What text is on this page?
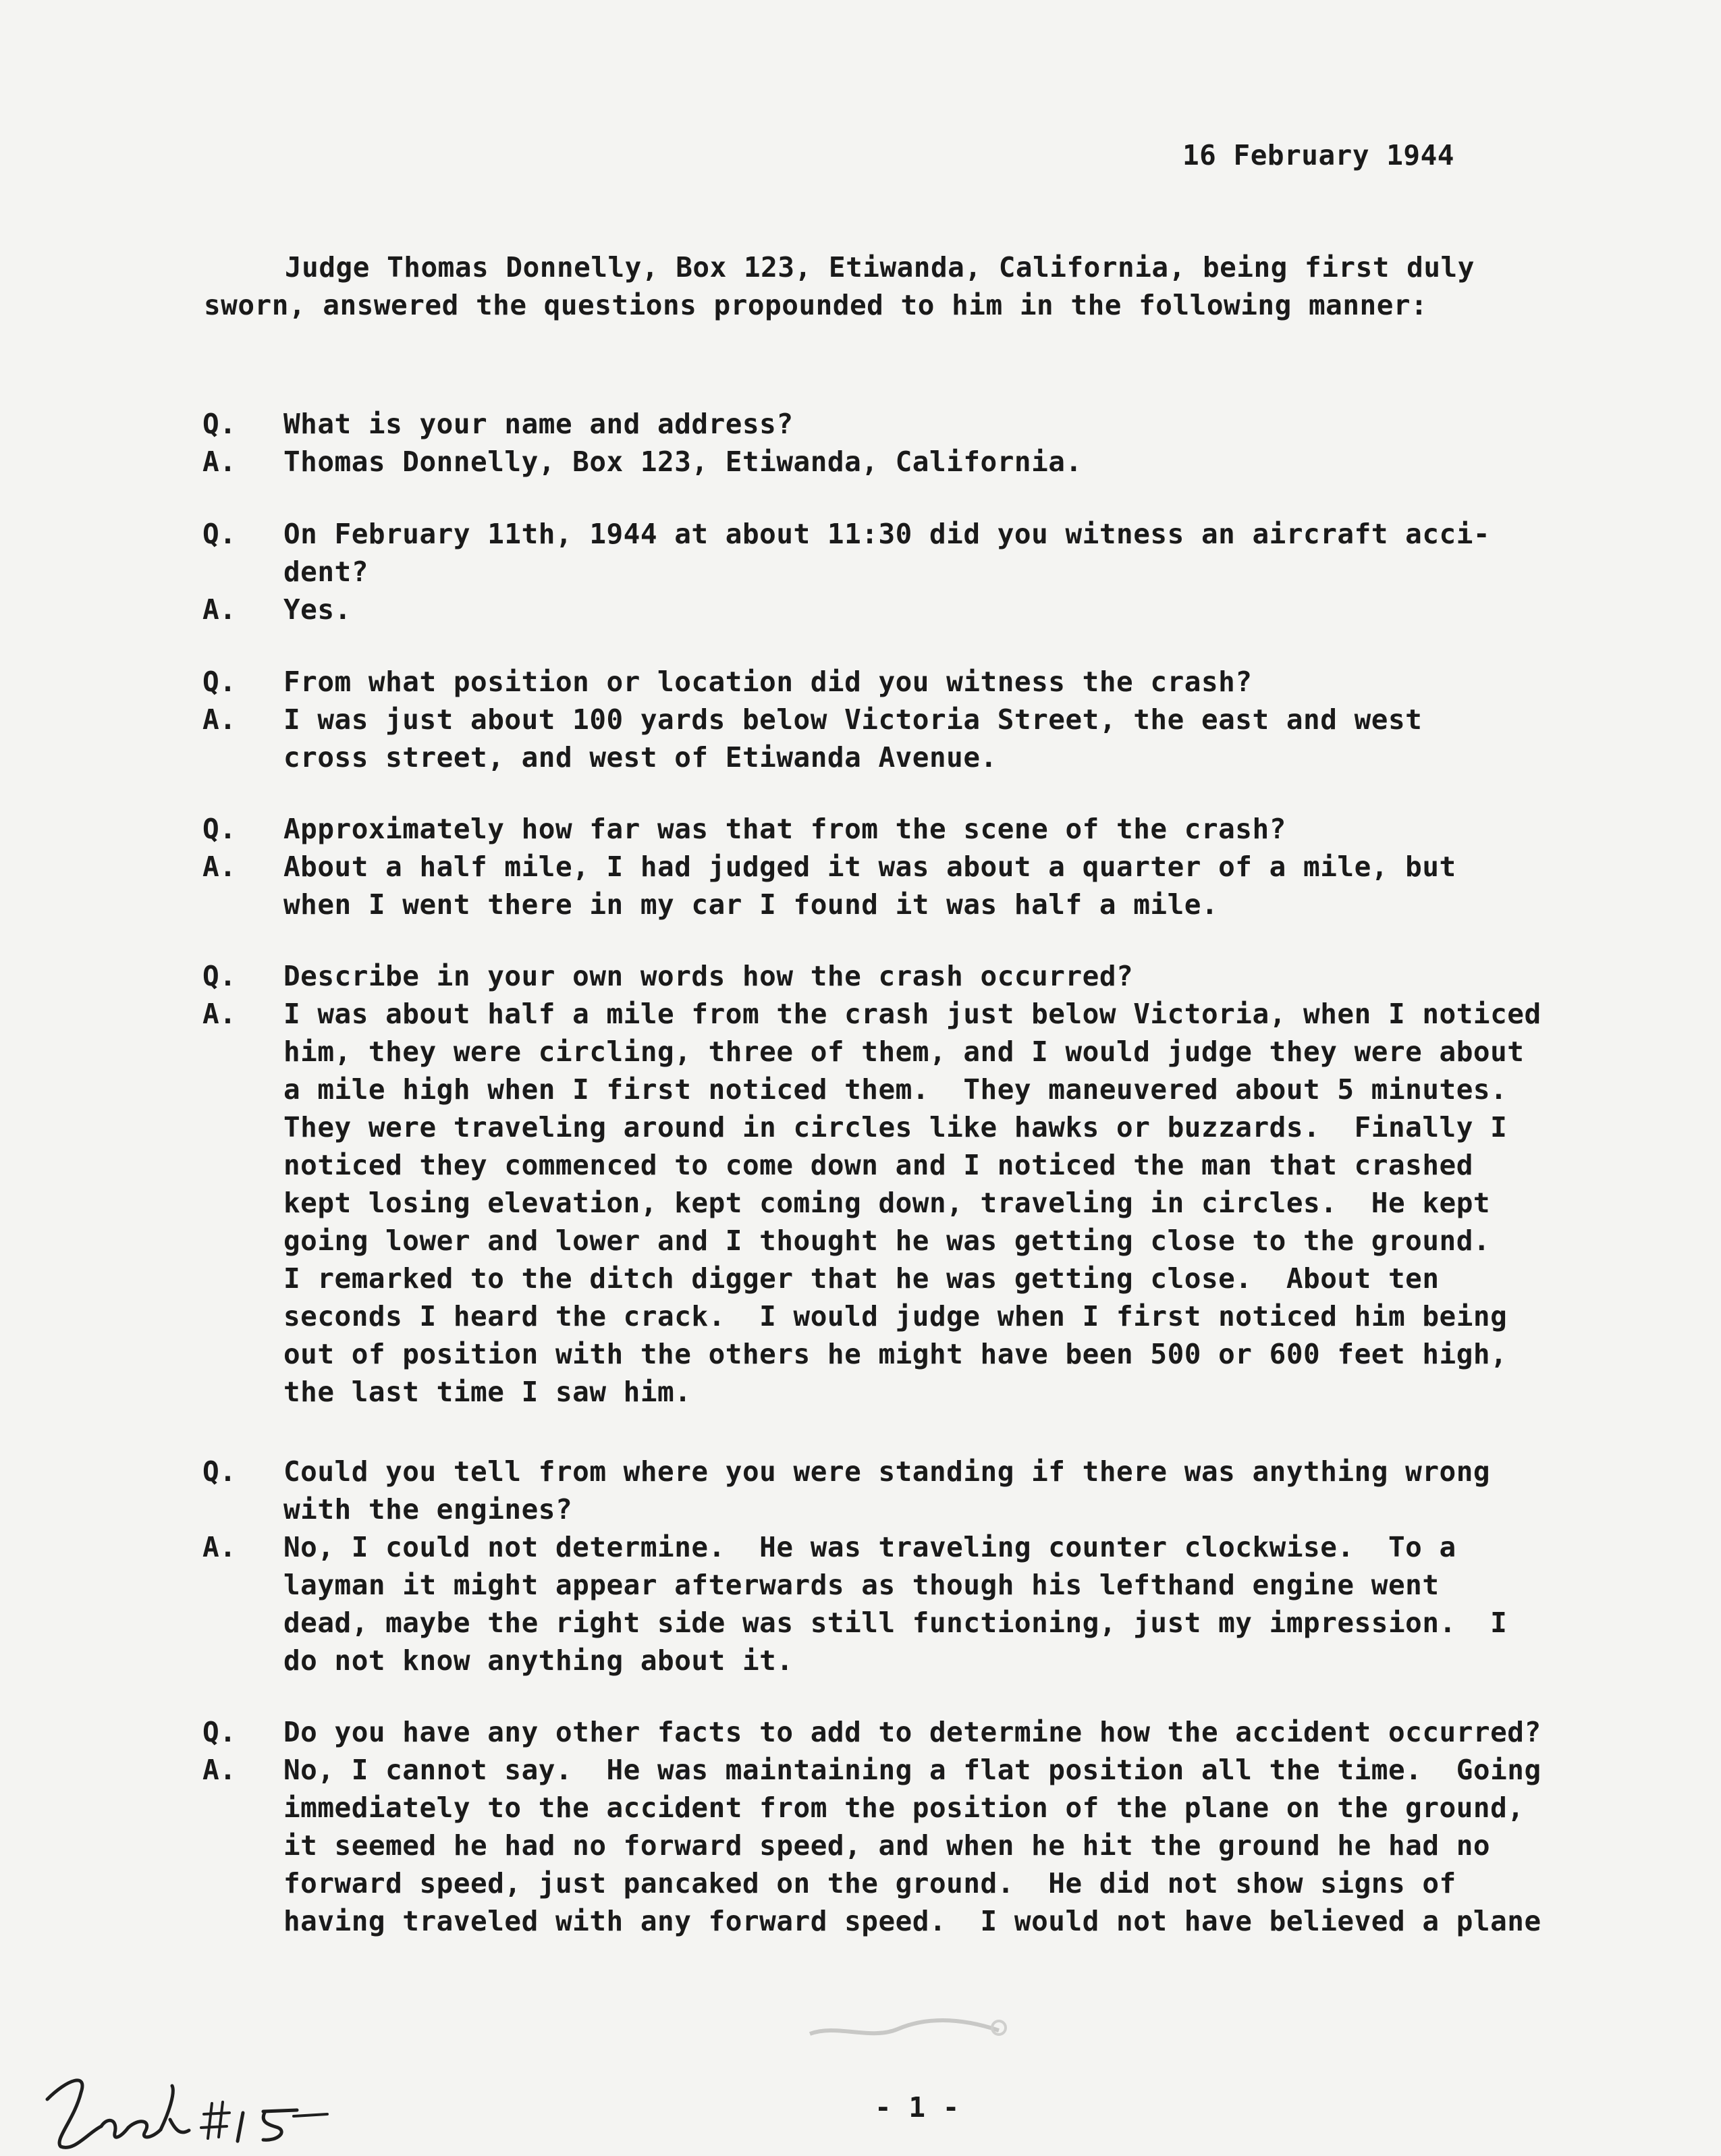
16 February 1944

Judge Thomas Donnelly, Box 123, Etiwanda, California, being first duly sworn, answered the questions propounded to him in the following manner:

Q. What is your name and address?
A. Thomas Donnelly, Box 123, Etiwanda, California.
Q. On February 11th, 1944 at about 11:30 did you witness an aircraft acci-
dent?
A. Yes.
Q. From what position or location did you witness the crash?
A. I was just about 100 yards below Victoria Street, the east and west
cross street, and west of Etiwanda Avenue.
Q. Approximately how far was that from the scene of the crash?
A. About a half mile, I had judged it was about a quarter of a mile, but
when I went there in my car I found it was half a mile.
Q. Describe in your own words how the crash occurred?
A. I was about half a mile from the crash just below Victoria, when I noticed
him, they were circling, three of them, and I would judge they were about
a mile high when I first noticed them.  They maneuvered about 5 minutes.
They were traveling around in circles like hawks or buzzards.  Finally I
noticed they commenced to come down and I noticed the man that crashed
kept losing elevation, kept coming down, traveling in circles.  He kept
going lower and lower and I thought he was getting close to the ground.
I remarked to the ditch digger that he was getting close.  About ten
seconds I heard the crack.  I would judge when I first noticed him being
out of position with the others he might have been 500 or 600 feet high,
the last time I saw him.
Q. Could you tell from where you were standing if there was anything wrong
with the engines?
A. No, I could not determine.  He was traveling counter clockwise.  To a
layman it might appear afterwards as though his lefthand engine went
dead, maybe the right side was still functioning, just my impression.  I
do not know anything about it.
Q. Do you have any other facts to add to determine how the accident occurred?
A. No, I cannot say.  He was maintaining a flat position all the time.  Going
immediately to the accident from the position of the plane on the ground,
it seemed he had no forward speed, and when he hit the ground he had no
forward speed, just pancaked on the ground.  He did not show signs of
having traveled with any forward speed.  I would not have believed a plane
- 1 -
